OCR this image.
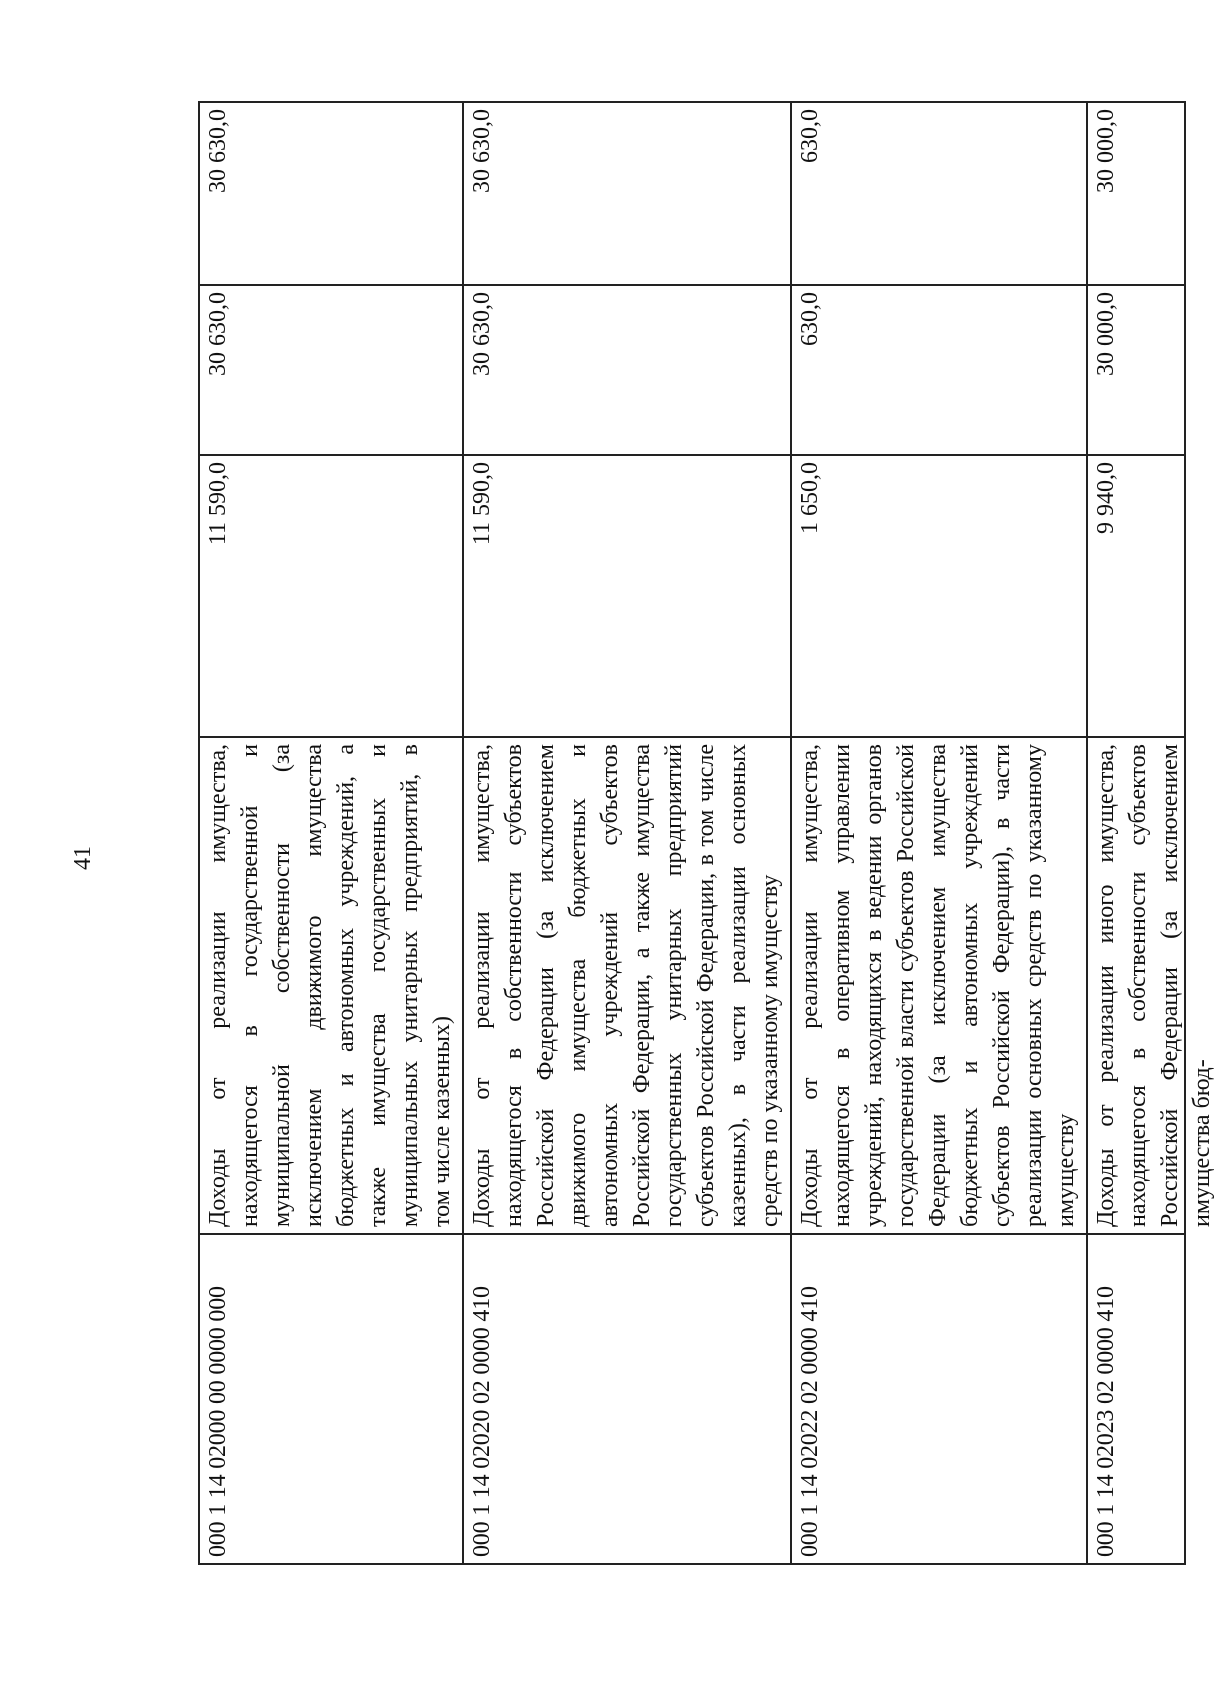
41
000 1 14 02000 00 0000 000	Доходы от реализации имущества, находящегося в государственной и муниципальной собственности (за исключением движимого имущества бюджетных и автономных учреждений, а также имущества государственных и муниципальных унитарных предприятий, в том числе казенных)	11 590,0	30 630,0	30 630,0
000 1 14 02020 02 0000 410	Доходы от реализации имущества, находящегося в собственности субъектов Российской Федерации (за исключением движимого имущества бюджетных и автономных учреждений субъектов Российской Федерации, а также имущества государственных унитарных предприятий субъектов Российской Федерации, в том числе казенных), в части реализации основных средств по указанному имуществу	11 590,0	30 630,0	30 630,0
000 1 14 02022 02 0000 410	Доходы от реализации имущества, находящегося в оперативном управлении учреждений, находящихся в ведении органов государственной власти субъектов Российской Федерации (за исключением имущества бюджетных и автономных учреждений субъектов Российской Федерации), в части реализации основных средств по указанному имуществу	1 650,0	630,0	630,0
000 1 14 02023 02 0000 410	Доходы от реализации иного имущества, находящегося в собственности субъектов Российской Федерации (за исключением имущества бюд-	9 940,0	30 000,0	30 000,0
